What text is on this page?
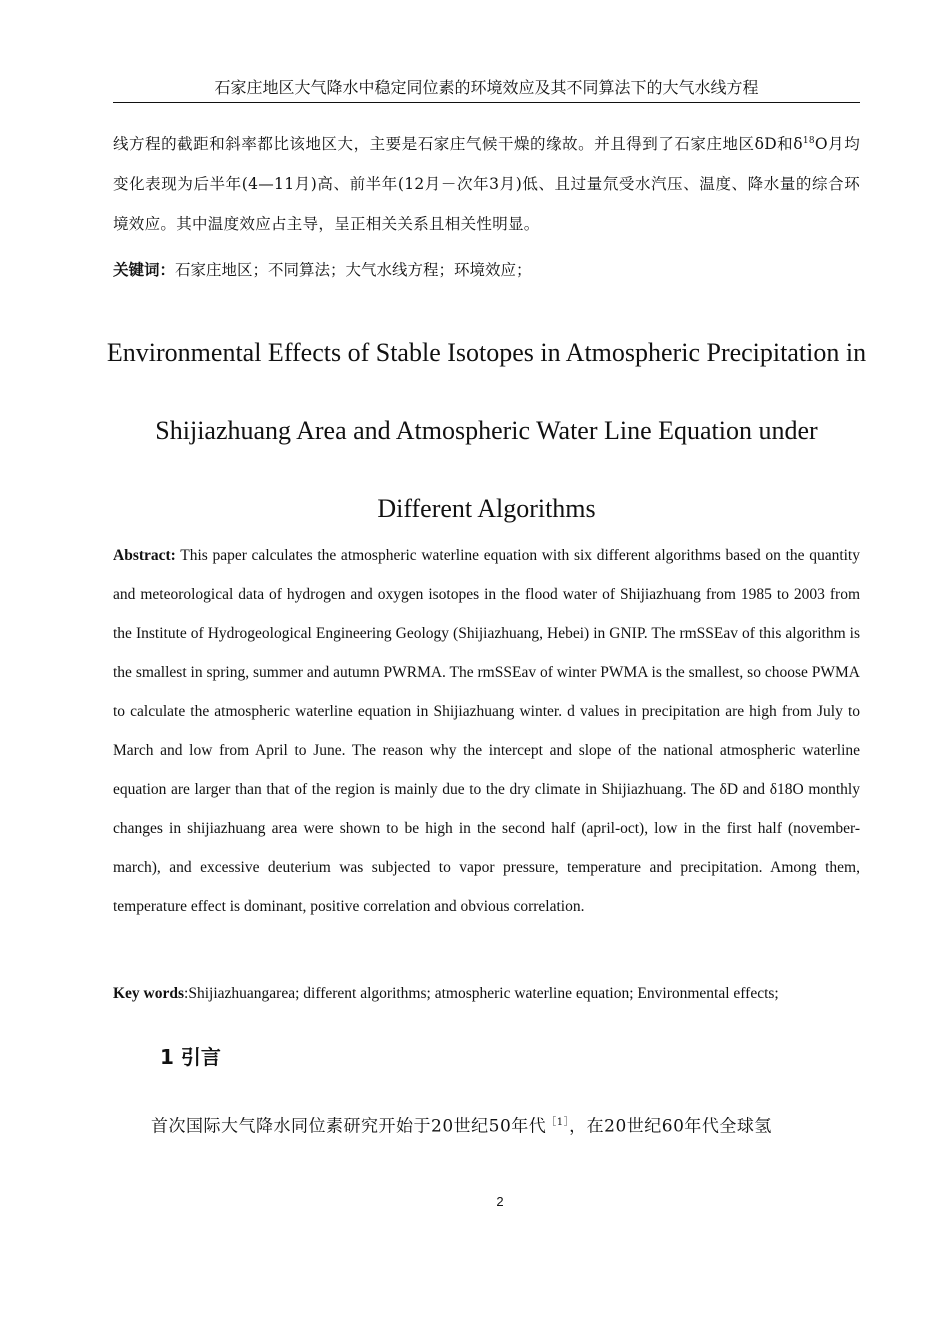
石家庄地区大气降水中稳定同位素的环境效应及其不同算法下的大气水线方程
线方程的截距和斜率都比该地区大，主要是石家庄气候干燥的缘故。并且得到了石家庄地区δD和$\delta^{18}O$月均变化表现为后半年(4—11月)高、前半年(12月－次年3月)低、且过量氘受水汽压、温度、降水量的综合环境效应。其中温度效应占主导，呈正相关关系且相关性明显。
关键词：石家庄地区；不同算法；大气水线方程；环境效应；
Environmental Effects of Stable Isotopes in Atmospheric Precipitation in
Shijiazhuang Area and Atmospheric Water Line Equation under
Different Algorithms
Abstract: This paper calculates the atmospheric waterline equation with six different algorithms based on the quantity and meteorological data of hydrogen and oxygen isotopes in the flood water of Shijiazhuang from 1985 to 2003 from the Institute of Hydrogeological Engineering Geology (Shijiazhuang, Hebei) in GNIP. The rmSSEav of this algorithm is the smallest in spring, summer and autumn PWRMA. The rmSSEav of winter PWMA is the smallest, so choose PWMA to calculate the atmospheric waterline equation in Shijiazhuang winter. d values in precipitation are high from July to March and low from April to June. The reason why the intercept and slope of the national atmospheric waterline equation are larger than that of the region is mainly due to the dry climate in Shijiazhuang. The δD and δ18O monthly changes in shijiazhuang area were shown to be high in the second half (april-oct), low in the first half (november-march), and excessive deuterium was subjected to vapor pressure, temperature and precipitation. Among them, temperature effect is dominant, positive correlation and obvious correlation.
Key words:Shijiazhuangarea; different algorithms; atmospheric waterline equation; Environmental effects;
1 引言
首次国际大气降水同位素研究开始于20世纪50年代$^{[1]}$，在20世纪60年代全球氢
2
